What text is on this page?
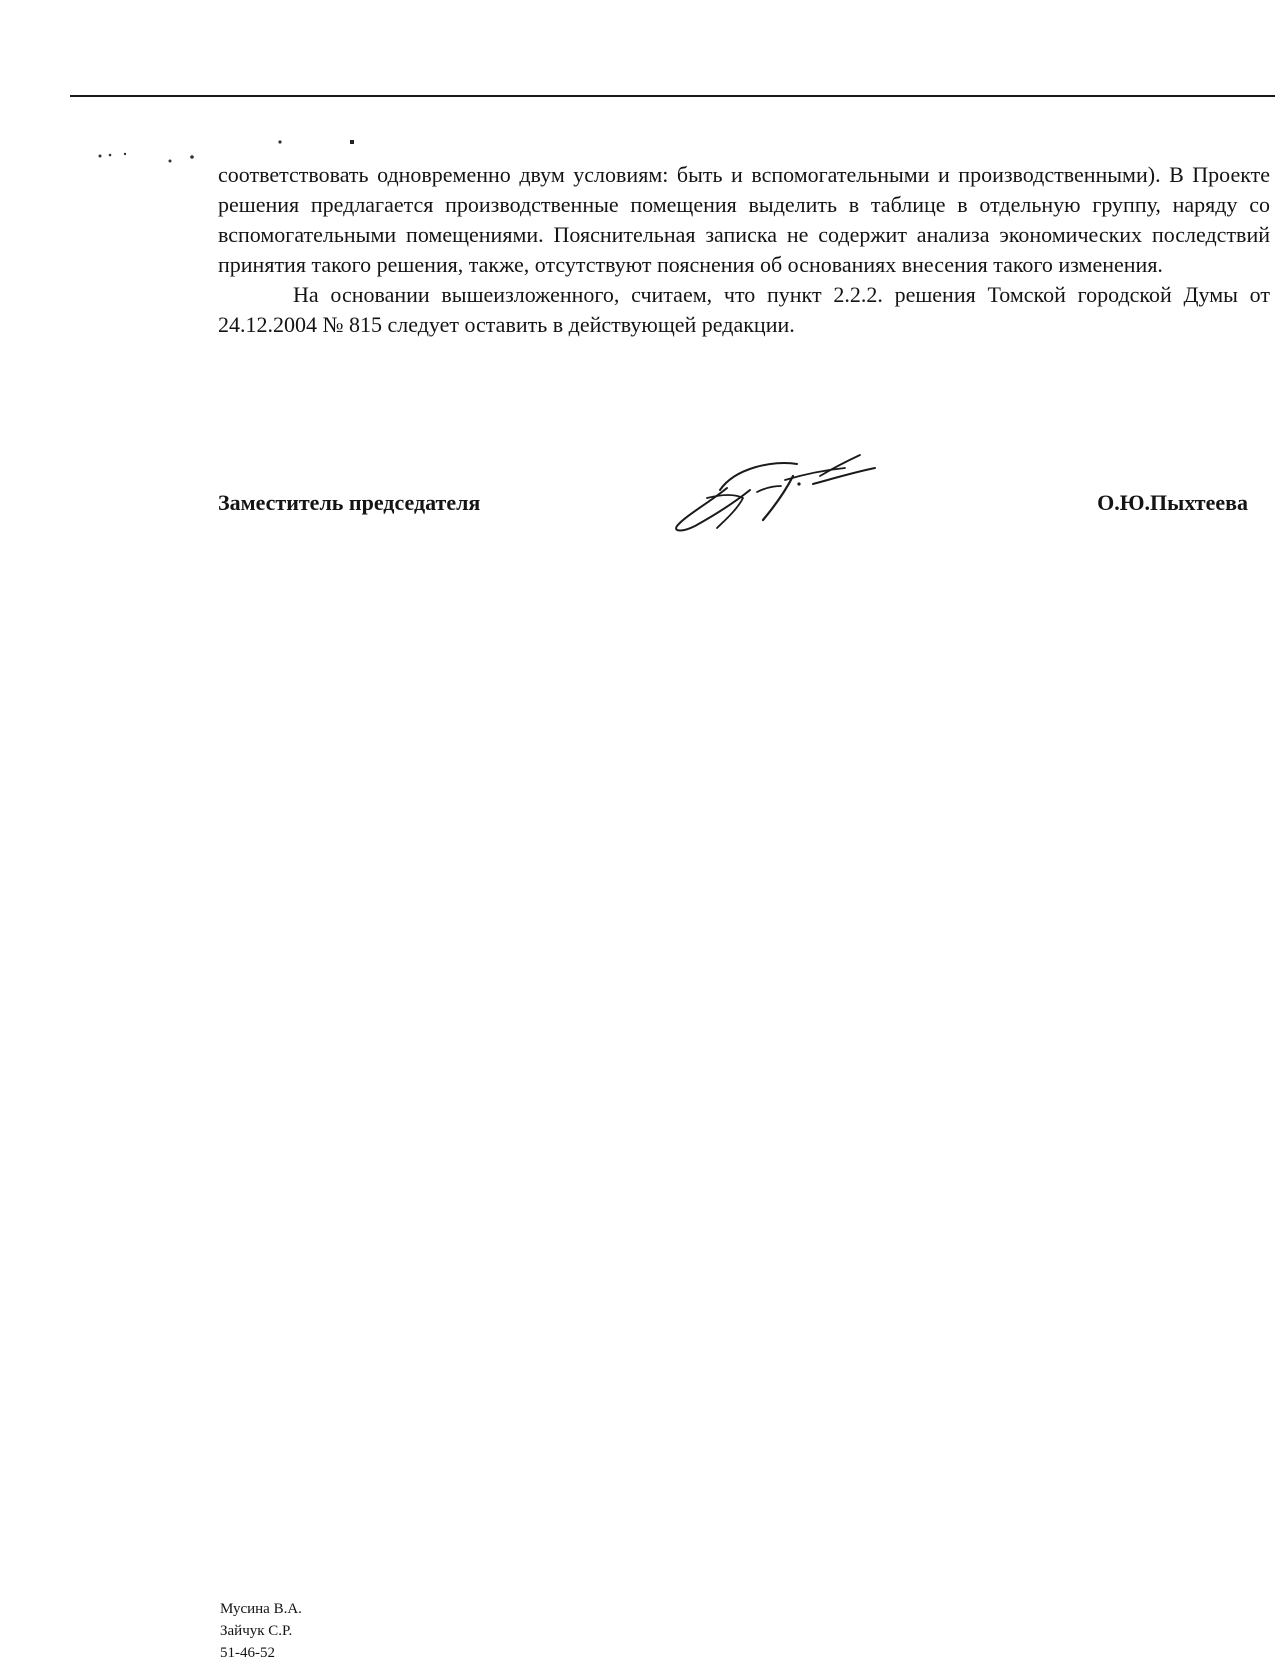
соответствовать одновременно двум условиям: быть и вспомогательными и производственными). В Проекте решения предлагается производственные помещения выделить в таблице в отдельную группу, наряду со вспомогательными помещениями. Пояснительная записка не содержит анализа экономических последствий принятия такого решения, также, отсутствуют пояснения об основаниях внесения такого изменения.

На основании вышеизложенного, считаем, что пункт 2.2.2. решения Томской городской Думы от 24.12.2004 № 815 следует оставить в действующей редакции.

Заместитель председателя	О.Ю.Пыхтеева
Мусина В.А.
Зайчук С.Р.
51-46-52
